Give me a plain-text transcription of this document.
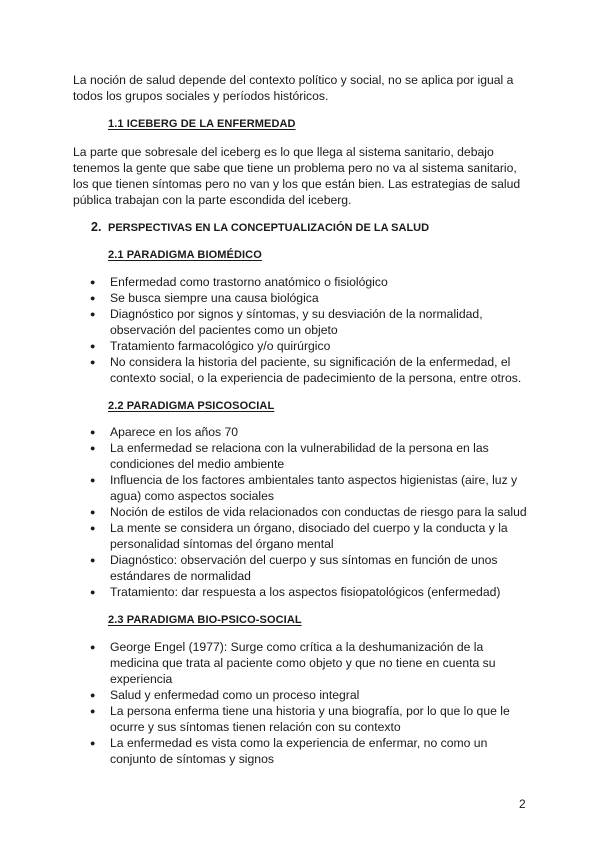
La noción de salud depende del contexto político y social, no se aplica por igual a todos los grupos sociales y períodos históricos.

1.1 ICEBERG DE LA ENFERMEDAD

La parte que sobresale del iceberg es lo que llega al sistema sanitario, debajo tenemos la gente que sabe que tiene un problema pero no va al sistema sanitario, los que tienen síntomas pero no van y los que están bien. Las estrategias de salud pública trabajan con la parte escondida del iceberg.

2. PERSPECTIVAS EN LA CONCEPTUALIZACIÓN DE LA SALUD

2.1 PARADIGMA BIOMÉDICO

● Enfermedad como trastorno anatómico o fisiológico
● Se busca siempre una causa biológica
● Diagnóstico por signos y síntomas, y su desviación de la normalidad, observación del pacientes como un objeto
● Tratamiento farmacológico y/o quirúrgico
● No considera la historia del paciente, su significación de la enfermedad, el contexto social, o la experiencia de padecimiento de la persona, entre otros.

2.2 PARADIGMA PSICOSOCIAL

● Aparece en los años 70
● La enfermedad se relaciona con la vulnerabilidad de la persona en las condiciones del medio ambiente
● Influencia de los factores ambientales tanto aspectos higienistas (aire, luz y agua) como aspectos sociales
● Noción de estilos de vida relacionados con conductas de riesgo para la salud
● La mente se considera un órgano, disociado del cuerpo y la conducta y la personalidad síntomas del órgano mental
● Diagnóstico: observación del cuerpo y sus síntomas en función de unos estándares de normalidad
● Tratamiento: dar respuesta a los aspectos fisiopatológicos (enfermedad)

2.3 PARADIGMA BIO-PSICO-SOCIAL

● George Engel (1977): Surge como crítica a la deshumanización de la medicina que trata al paciente como objeto y que no tiene en cuenta su experiencia
● Salud y enfermedad como un proceso integral
● La persona enferma tiene una historia y una biografía, por lo que lo que le ocurre y sus síntomas tienen relación con su contexto
● La enfermedad es vista como la experiencia de enfermar, no como un conjunto de síntomas y signos
2
